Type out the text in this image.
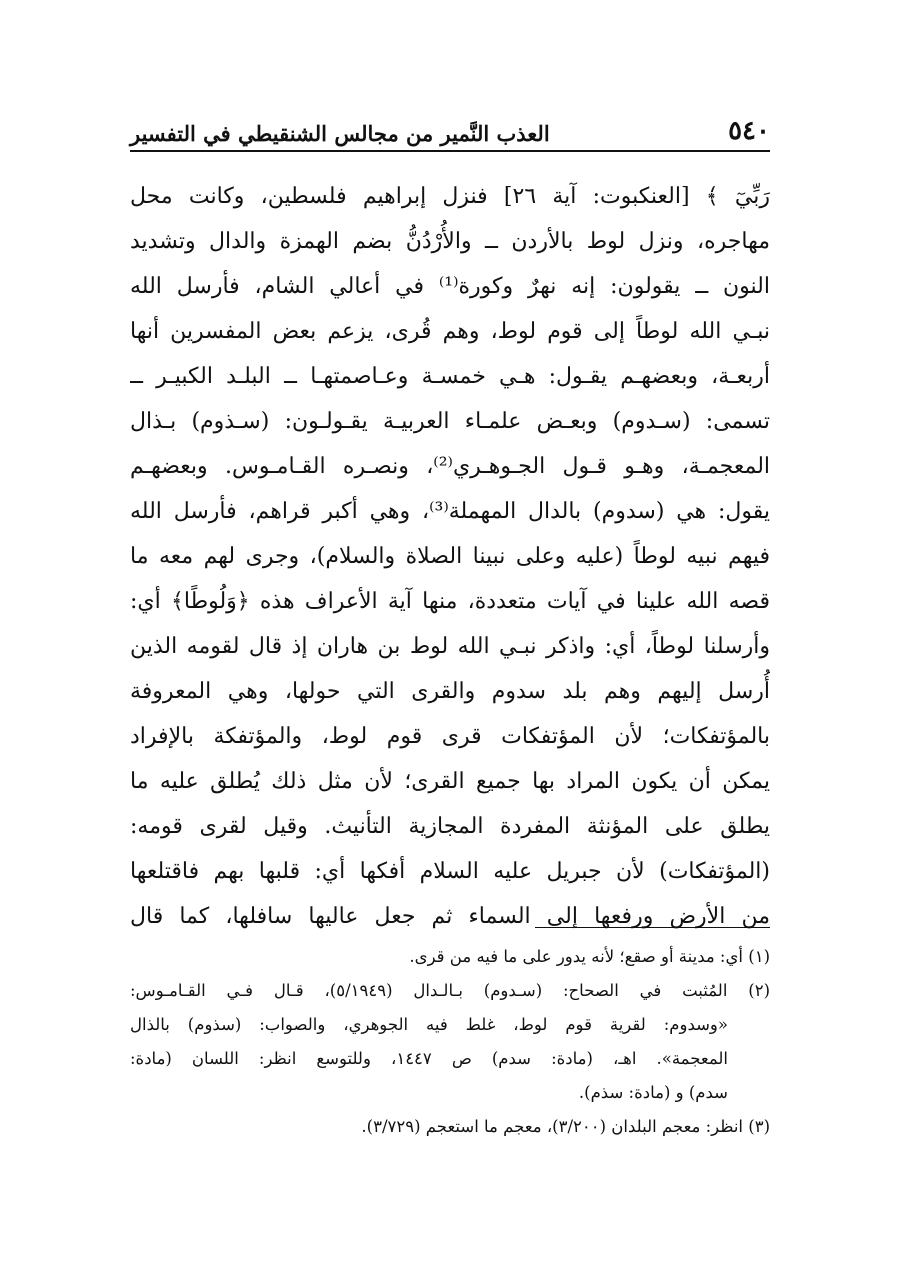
٥٤٠
العذب النَّمير من مجالس الشنقيطي في التفسير
رَبِّيٓ ﴾ [العنكبوت: آية ٢٦] فنزل إبراهيم فلسطين، وكانت محل
مهاجره، ونزل لوط بالأردن ــ والأُرْدُنُّ بضم الهمزة والدال وتشديد
النون ــ يقولون: إنه نهرٌ وكورة⁽¹⁾ في أعالي الشام، فأرسل الله
نبـي الله لوطاً إلى قوم لوط، وهم قُرى، يزعم بعض المفسرين أنها
أربعـة، وبعضهـم يقـول: هـي خمسـة وعـاصمتهـا ــ البلـد الكبيـر ــ
تسمى: (سـدوم) وبعـض علمـاء العربيـة يقـولـون: (سـذوم) بـذال
المعجمـة، وهـو قـول الجـوهـري⁽²⁾، ونصـره القـامـوس. وبعضهـم
يقول: هي (سدوم) بالدال المهملة⁽³⁾، وهي أكبر قراهم، فأرسل الله
فيهم نبيه لوطاً (عليه وعلى نبينا الصلاة والسلام)، وجرى لهم معه ما
قصه الله علينا في آيات متعددة، منها آية الأعراف هذه ﴿وَلُوطًا﴾ أي:
وأرسلنا لوطاً، أي: واذكر نبـي الله لوط بن هاران إذ قال لقومه الذين
أُرسل إليهم وهم بلد سدوم والقرى التي حولها، وهي المعروفة
بالمؤتفكات؛ لأن المؤتفكات قرى قوم لوط، والمؤتفكة بالإفراد
يمكن أن يكون المراد بها جميع القرى؛ لأن مثل ذلك يُطلق عليه ما
يطلق على المؤنثة المفردة المجازية التأنيث. وقيل لقرى قومه:
(المؤتفكات) لأن جبريل عليه السلام أفكها أي: قلبها بهم فاقتلعها
من الأرض ورفعها إلى السماء ثم جعل عاليها سافلها، كما قال
(١) أي: مدينة أو صقع؛ لأنه يدور على ما فيه من قرى.
(٢) المُثبت في الصحاح: (سـدوم) بـالـدال (٥/١٩٤٩)، قـال فـي القـامـوس:
«وسدوم: لقرية قوم لوط، غلط فيه الجوهري، والصواب: (سذوم) بالذال
المعجمة». اهـ، (مادة: سدم) ص ١٤٤٧، وللتوسع انظر: اللسان (مادة:
سدم) و (مادة: سذم).
(٣) انظر: معجم البلدان (٣/٢٠٠)، معجم ما استعجم (٣/٧٢٩).
